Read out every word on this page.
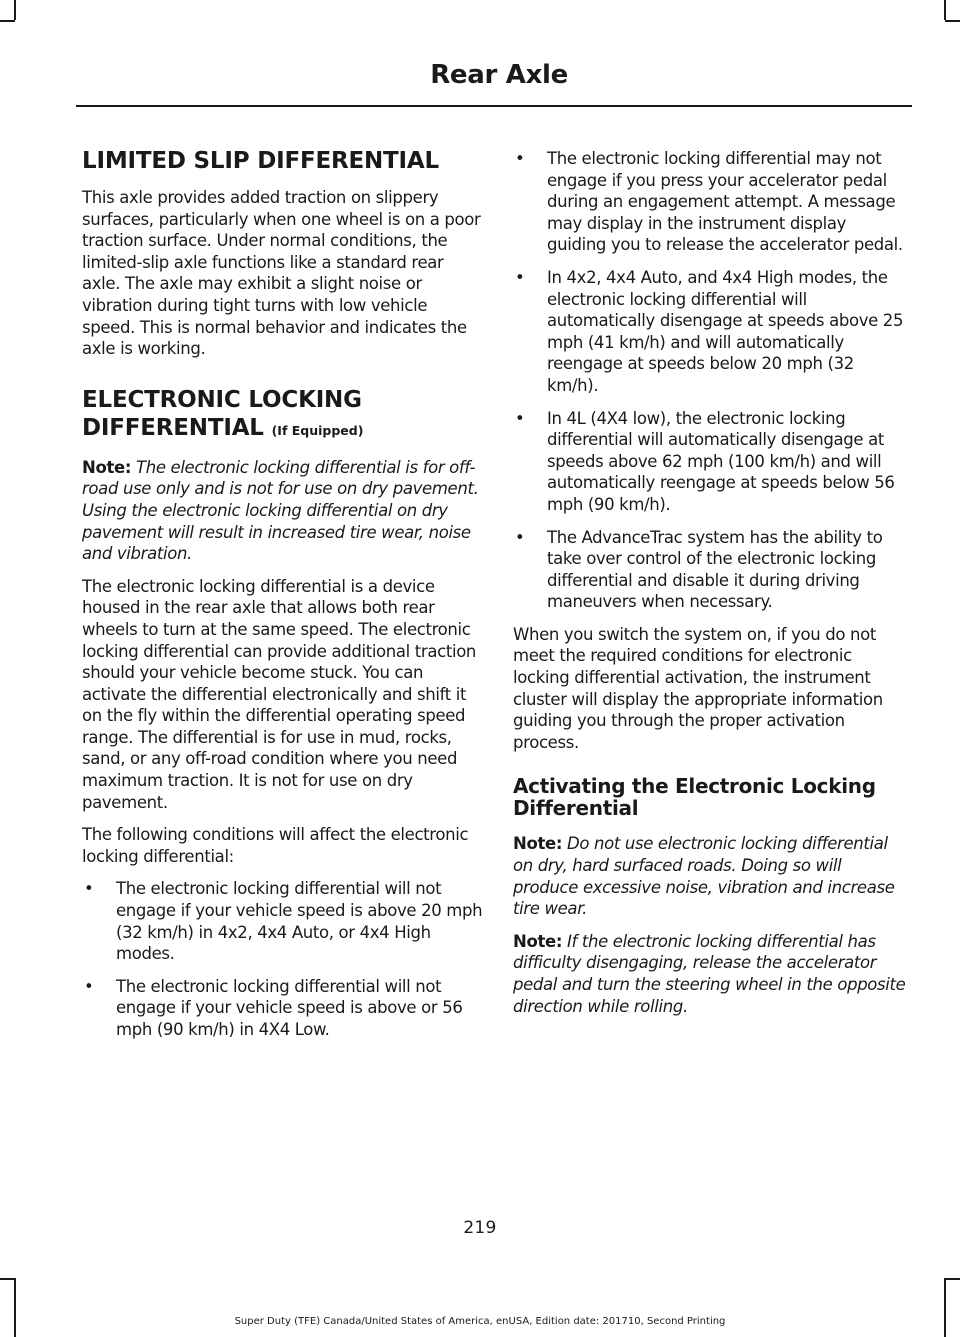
Rear Axle
LIMITED SLIP DIFFERENTIAL

This axle provides added traction on slippery surfaces, particularly when one wheel is on a poor traction surface. Under normal conditions, the limited-slip axle functions like a standard rear axle. The axle may exhibit a slight noise or vibration during tight turns with low vehicle speed. This is normal behavior and indicates the axle is working.

ELECTRONIC LOCKING
DIFFERENTIAL (If Equipped)

Note: The electronic locking differential is for off-road use only and is not for use on dry pavement. Using the electronic locking differential on dry pavement will result in increased tire wear, noise and vibration.

The electronic locking differential is a device housed in the rear axle that allows both rear wheels to turn at the same speed. The electronic locking differential can provide additional traction should your vehicle become stuck. You can activate the differential electronically and shift it on the fly within the differential operating speed range. The differential is for use in mud, rocks, sand, or any off-road condition where you need maximum traction. It is not for use on dry pavement.

The following conditions will affect the electronic locking differential:

• The electronic locking differential will not engage if your vehicle speed is above 20 mph (32 km/h) in 4x2, 4x4 Auto, or 4x4 High modes.
• The electronic locking differential will not engage if your vehicle speed is above or 56 mph (90 km/h) in 4X4 Low.
• The electronic locking differential may not engage if you press your accelerator pedal during an engagement attempt. A message may display in the instrument display guiding you to release the accelerator pedal.
• In 4x2, 4x4 Auto, and 4x4 High modes, the electronic locking differential will automatically disengage at speeds above 25 mph (41 km/h) and will automatically reengage at speeds below 20 mph (32 km/h).
• In 4L (4X4 low), the electronic locking differential will automatically disengage at speeds above 62 mph (100 km/h) and will automatically reengage at speeds below 56 mph (90 km/h).
• The AdvanceTrac system has the ability to take over control of the electronic locking differential and disable it during driving maneuvers when necessary.

When you switch the system on, if you do not meet the required conditions for electronic locking differential activation, the instrument cluster will display the appropriate information guiding you through the proper activation process.

Activating the Electronic Locking Differential

Note: Do not use electronic locking differential on dry, hard surfaced roads. Doing so will produce excessive noise, vibration and increase tire wear.

Note: If the electronic locking differential has difficulty disengaging, release the accelerator pedal and turn the steering wheel in the opposite direction while rolling.

219
Super Duty (TFE) Canada/United States of America, enUSA, Edition date: 201710, Second Printing
